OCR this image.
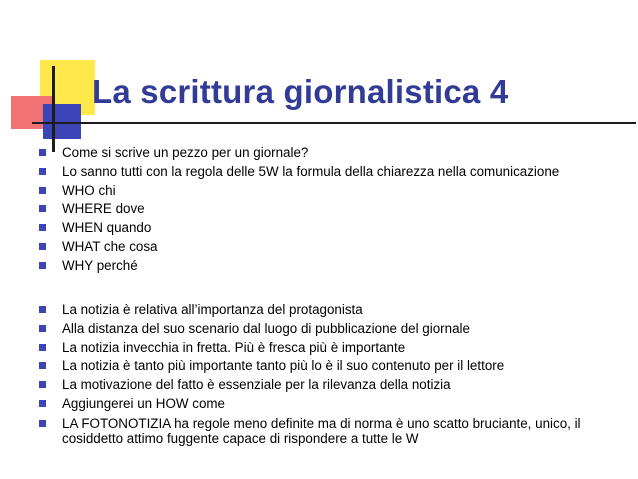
La scrittura giornalistica 4
Come si scrive un pezzo per un giornale?
Lo sanno tutti con la regola delle 5W la formula della chiarezza nella comunicazione
WHO chi
WHERE dove
WHEN quando
WHAT che cosa
WHY perché
La notizia è relativa all’importanza del protagonista
Alla distanza del suo scenario dal luogo di pubblicazione del giornale
La notizia invecchia in fretta. Più è fresca più è importante
La notizia è tanto più importante tanto più lo è il suo contenuto per il lettore
La motivazione del fatto è essenziale per la rilevanza della notizia
Aggiungerei un HOW come
LA FOTONOTIZIA ha regole meno definite ma di norma è uno scatto bruciante, unico, il cosiddetto attimo fuggente capace di rispondere a tutte le W
